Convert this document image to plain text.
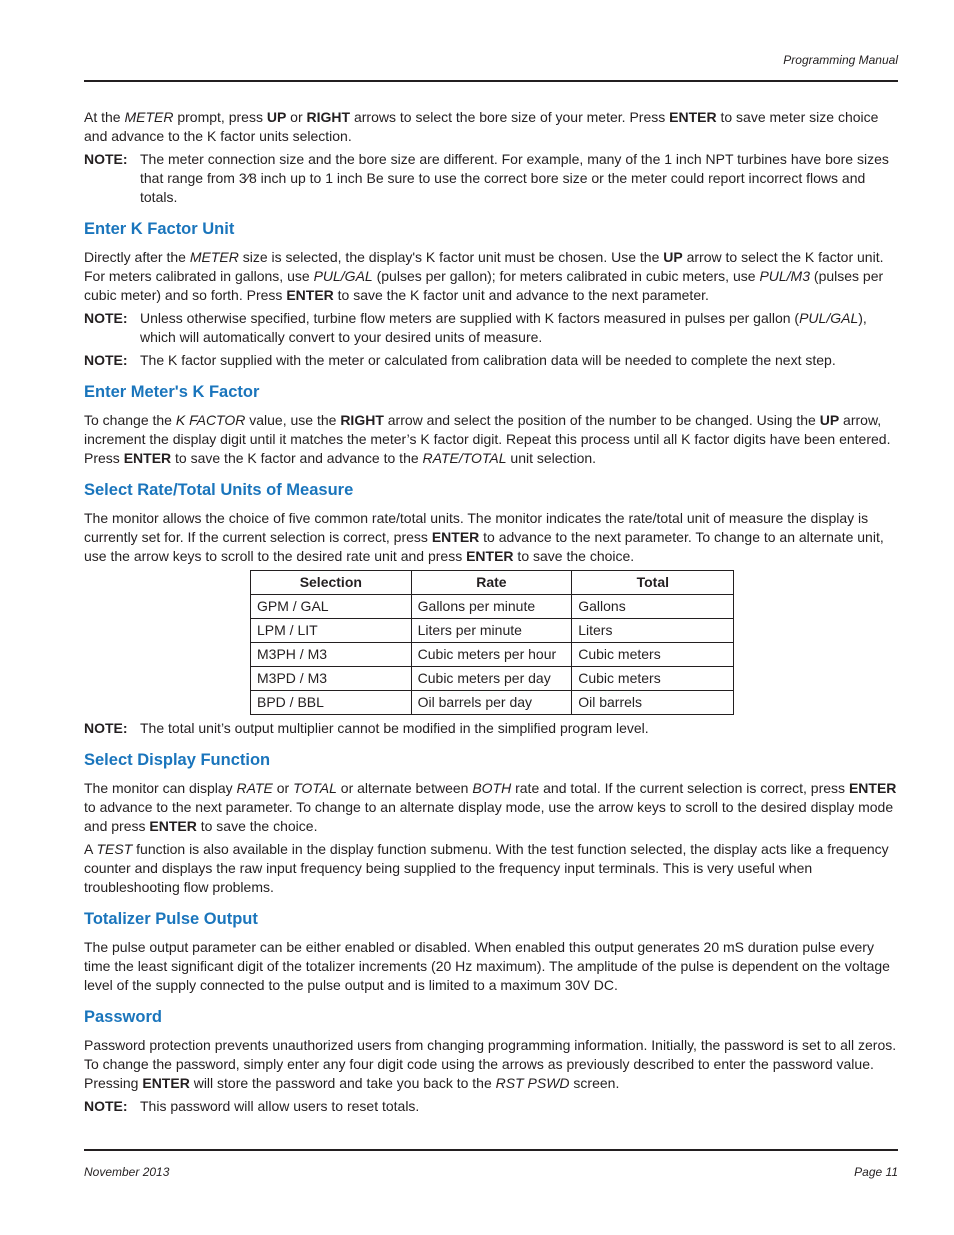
Programming Manual

At the METER prompt, press UP or RIGHT arrows to select the bore size of your meter. Press ENTER to save meter size choice and advance to the K factor units selection.

NOTE: The meter connection size and the bore size are different. For example, many of the 1 inch NPT turbines have bore sizes that range from 3⁄8 inch up to 1 inch Be sure to use the correct bore size or the meter could report incorrect flows and totals.
Enter K Factor Unit

Directly after the METER size is selected, the display's K factor unit must be chosen. Use the UP arrow to select the K factor unit. For meters calibrated in gallons, use PUL/GAL (pulses per gallon); for meters calibrated in cubic meters, use PUL/M3 (pulses per cubic meter) and so forth. Press ENTER to save the K factor unit and advance to the next parameter.

NOTE: Unless otherwise specified, turbine flow meters are supplied with K factors measured in pulses per gallon (PUL/GAL), which will automatically convert to your desired units of measure.
NOTE: The K factor supplied with the meter or calculated from calibration data will be needed to complete the next step.
Enter Meter's K Factor

To change the K FACTOR value, use the RIGHT arrow and select the position of the number to be changed. Using the UP arrow, increment the display digit until it matches the meter’s K factor digit. Repeat this process until all K factor digits have been entered. Press ENTER to save the K factor and advance to the RATE/TOTAL unit selection.

Select Rate/Total Units of Measure

The monitor allows the choice of five common rate/total units. The monitor indicates the rate/total unit of measure the display is currently set for. If the current selection is correct, press ENTER to advance to the next parameter. To change to an alternate unit, use the arrow keys to scroll to the desired rate unit and press ENTER to save the choice.

Selection	Rate	Total
GPM / GAL	Gallons per minute	Gallons
LPM / LIT	Liters per minute	Liters
M3PH / M3	Cubic meters per hour	Cubic meters
M3PD / M3	Cubic meters per day	Cubic meters
BPD / BBL	Oil barrels per day	Oil barrels
NOTE: The total unit’s output multiplier cannot be modified in the simplified program level.
Select Display Function

The monitor can display RATE or TOTAL or alternate between BOTH rate and total. If the current selection is correct, press ENTER to advance to the next parameter. To change to an alternate display mode, use the arrow keys to scroll to the desired display mode and press ENTER to save the choice.

A TEST function is also available in the display function submenu. With the test function selected, the display acts like a frequency counter and displays the raw input frequency being supplied to the frequency input terminals. This is very useful when troubleshooting flow problems.

Totalizer Pulse Output

The pulse output parameter can be either enabled or disabled. When enabled this output generates 20 mS duration pulse every time the least significant digit of the totalizer increments (20 Hz maximum). The amplitude of the pulse is dependent on the voltage level of the supply connected to the pulse output and is limited to a maximum 30V DC.

Password

Password protection prevents unauthorized users from changing programming information. Initially, the password is set to all zeros. To change the password, simply enter any four digit code using the arrows as previously described to enter the password value. Pressing ENTER will store the password and take you back to the RST PSWD screen.

NOTE: This password will allow users to reset totals.
November 2013	Page 11
